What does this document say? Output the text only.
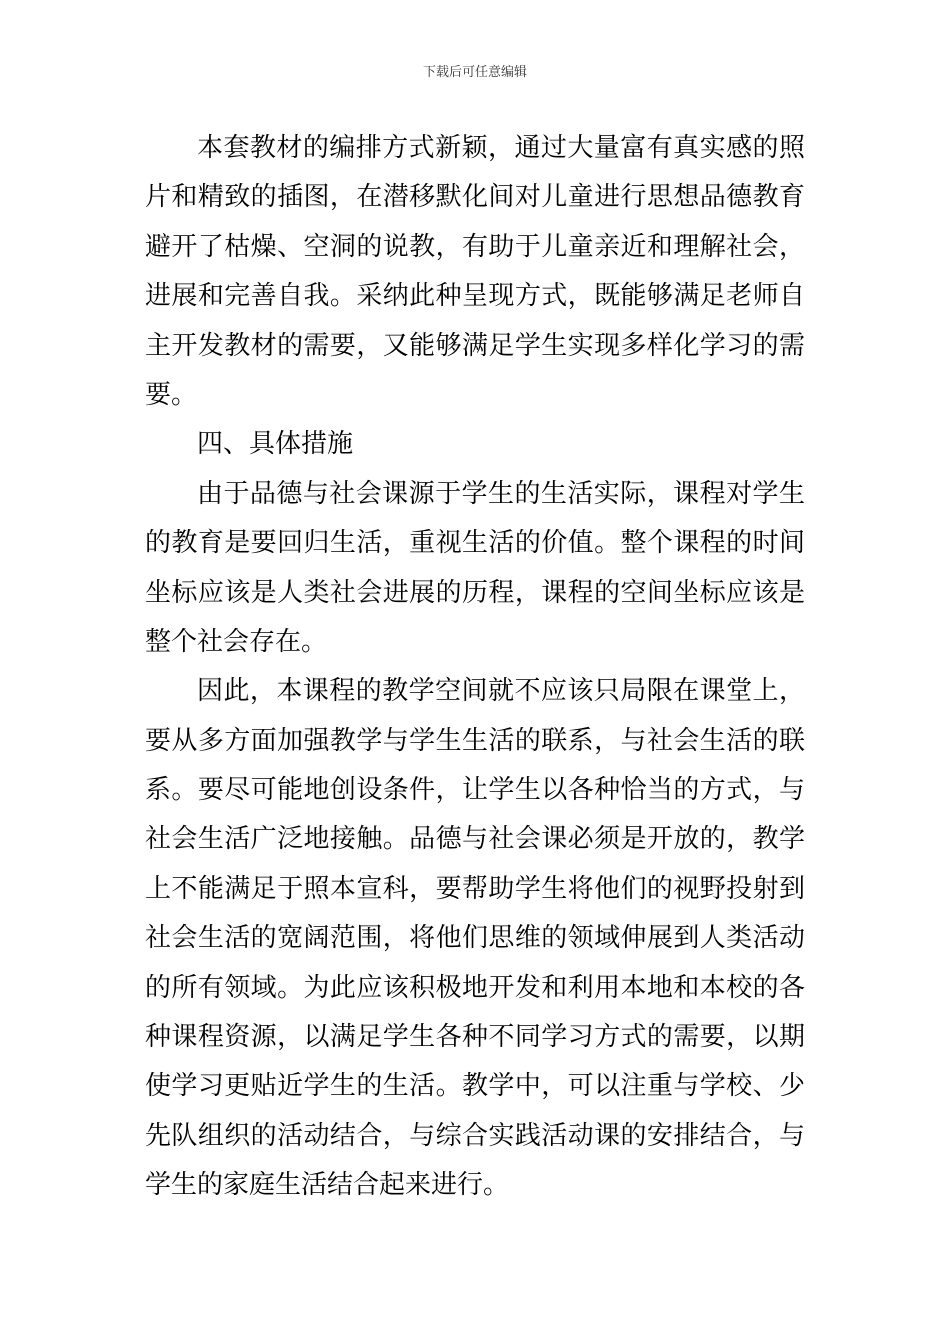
下载后可任意编辑
本套教材的编排方式新颖，通过大量富有真实感的照
片和精致的插图，在潜移默化间对儿童进行思想品德教育
避开了枯燥、空洞的说教，有助于儿童亲近和理解社会，
进展和完善自我。采纳此种呈现方式，既能够满足老师自
主开发教材的需要，又能够满足学生实现多样化学习的需
要。
四、具体措施
由于品德与社会课源于学生的生活实际，课程对学生
的教育是要回归生活，重视生活的价值。整个课程的时间
坐标应该是人类社会进展的历程，课程的空间坐标应该是
整个社会存在。
因此，本课程的教学空间就不应该只局限在课堂上，
要从多方面加强教学与学生生活的联系，与社会生活的联
系。要尽可能地创设条件，让学生以各种恰当的方式，与
社会生活广泛地接触。品德与社会课必须是开放的，教学
上不能满足于照本宣科，要帮助学生将他们的视野投射到
社会生活的宽阔范围，将他们思维的领域伸展到人类活动
的所有领域。为此应该积极地开发和利用本地和本校的各
种课程资源，以满足学生各种不同学习方式的需要，以期
使学习更贴近学生的生活。教学中，可以注重与学校、少
先队组织的活动结合，与综合实践活动课的安排结合，与
学生的家庭生活结合起来进行。
